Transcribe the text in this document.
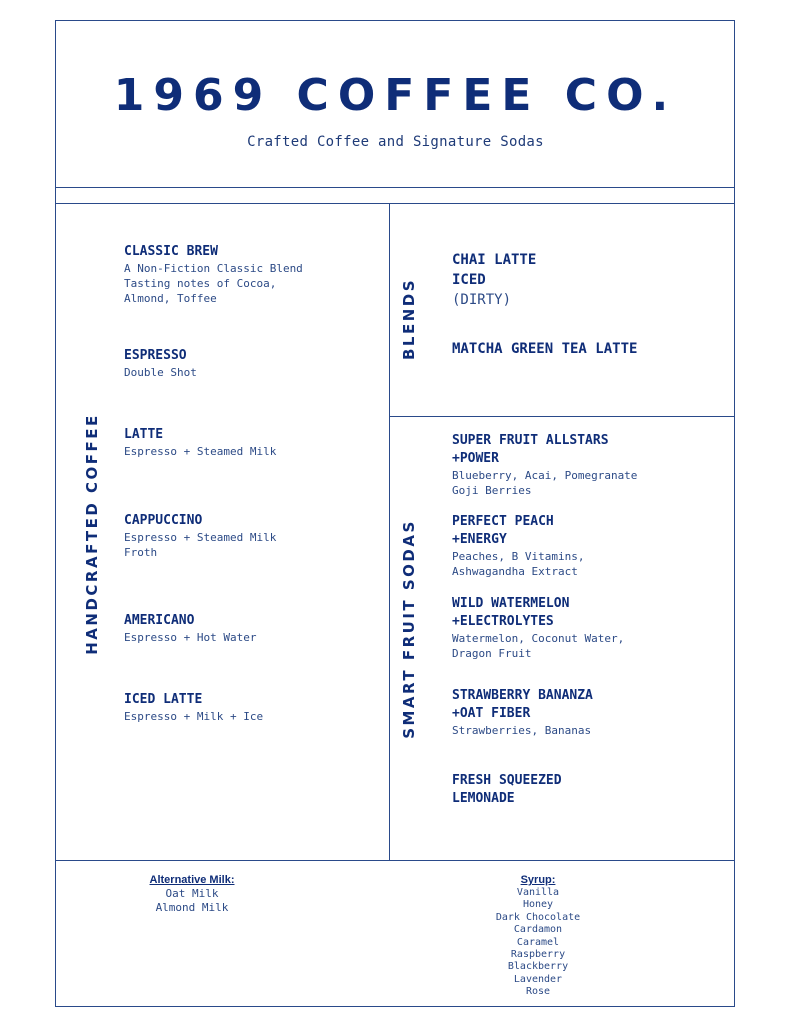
1969 COFFEE CO.
Crafted Coffee and Signature Sodas
HANDCRAFTED COFFEE
BLENDS
SMART FRUIT SODAS
CLASSIC BREW
A Non-Fiction Classic Blend
Tasting notes of Cocoa,
Almond, Toffee
ESPRESSO
Double Shot
LATTE
Espresso + Steamed Milk
CAPPUCCINO
Espresso + Steamed Milk
Froth
AMERICANO
Espresso + Hot Water
ICED LATTE
Espresso + Milk + Ice
CHAI LATTE
ICED
(DIRTY)
MATCHA GREEN TEA LATTE
SUPER FRUIT ALLSTARS
+POWER
Blueberry, Acai, Pomegranate
Goji Berries
PERFECT PEACH
+ENERGY
Peaches, B Vitamins,
Ashwagandha Extract
WILD WATERMELON
+ELECTROLYTES
Watermelon, Coconut Water,
Dragon Fruit
STRAWBERRY BANANZA
+OAT FIBER
Strawberries, Bananas
FRESH SQUEEZED
LEMONADE
Alternative Milk:
Oat Milk
Almond Milk
Syrup:
Vanilla
Honey
Dark Chocolate
Cardamon
Caramel
Raspberry
Blackberry
Lavender
Rose
